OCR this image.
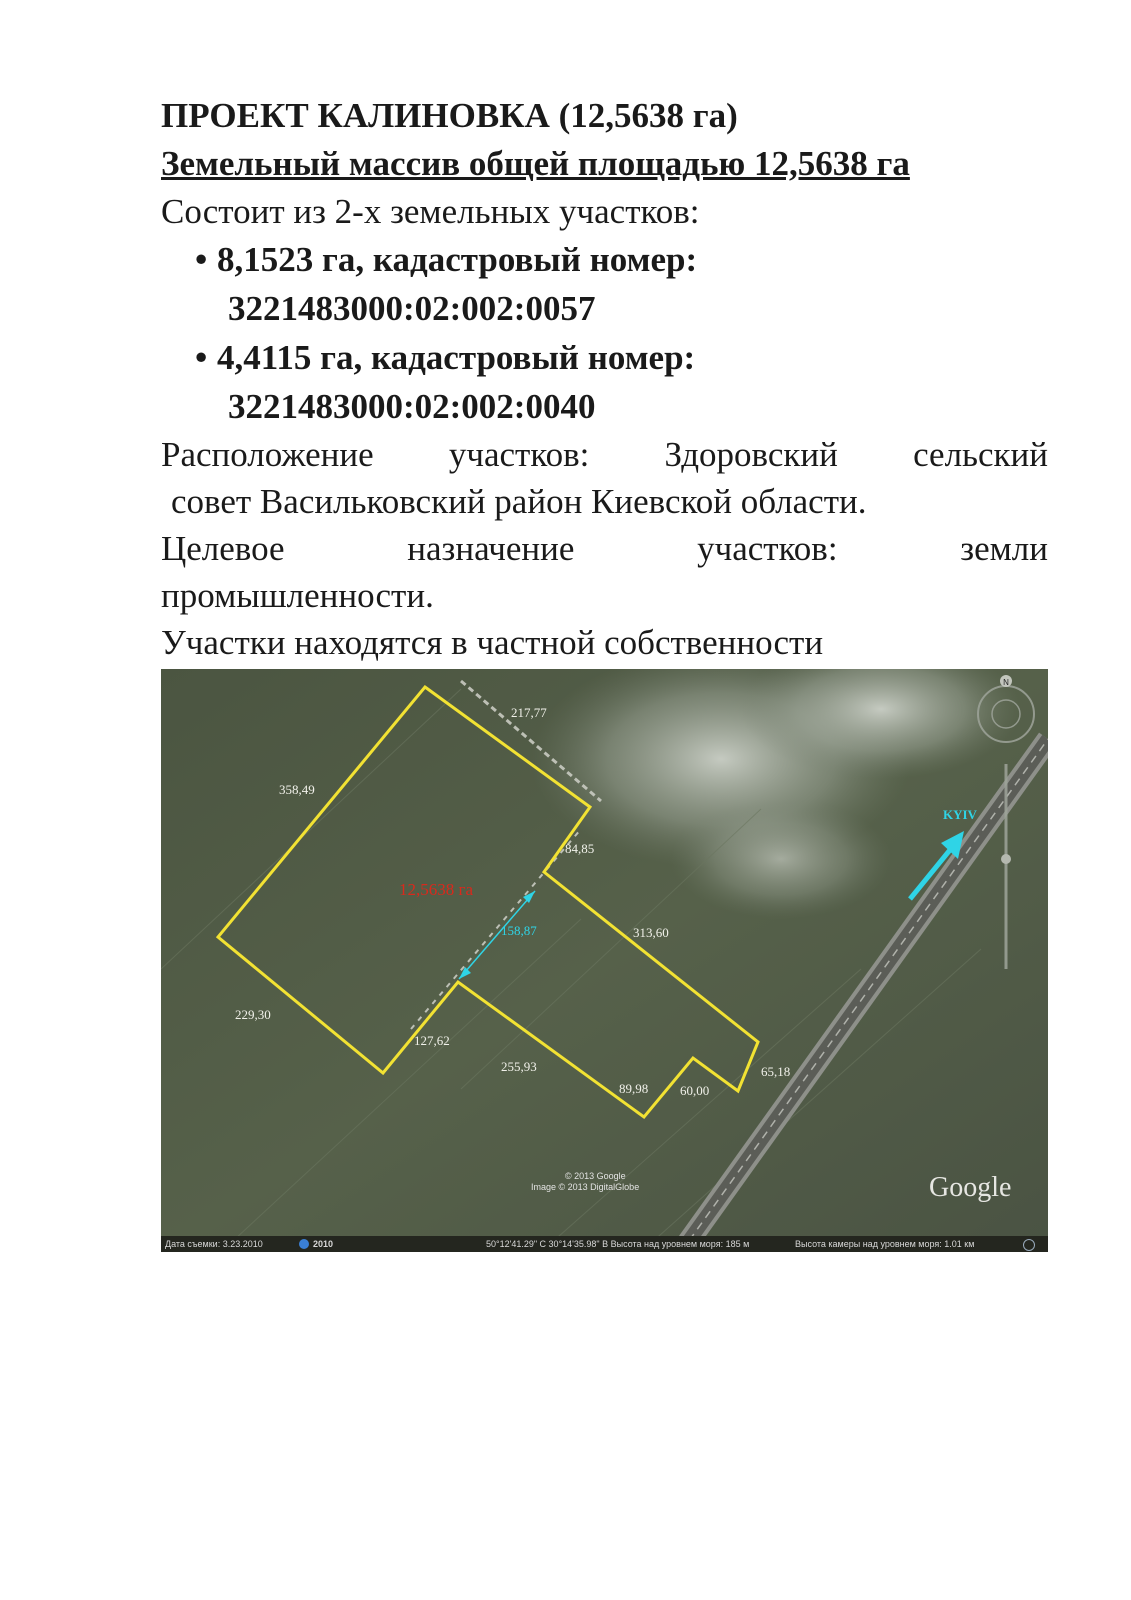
ПРОЕКТ КАЛИНОВКА (12,5638 га)

Земельный массив общей площадью 12,5638 га

Состоит из 2-х земельных участков:

• 8,1523 га, кадастровый номер:
3221483000:02:002:0057
• 4,4115 га, кадастровый номер:
3221483000:02:002:0040

Расположение участков: Здоровский сельский

совет Васильковский район Киевской области.

Целевое назначение участков: земли

промышленности.

Участки находятся в частной собственности

N
217,77
358,49
84,85
313,60
158,87
229,30
127,62
255,93
89,98 60,00
65,18
12,5638 га
KYIV
© 2013 Google
Image © 2013 DigitalGlobe	Google
Дата съемки: 3.23.2010	2010	50°12'41.29" С 30°14'35.98" В Высота над уровнем моря: 185 м	Высота камеры над уровнем моря: 1.01 км
